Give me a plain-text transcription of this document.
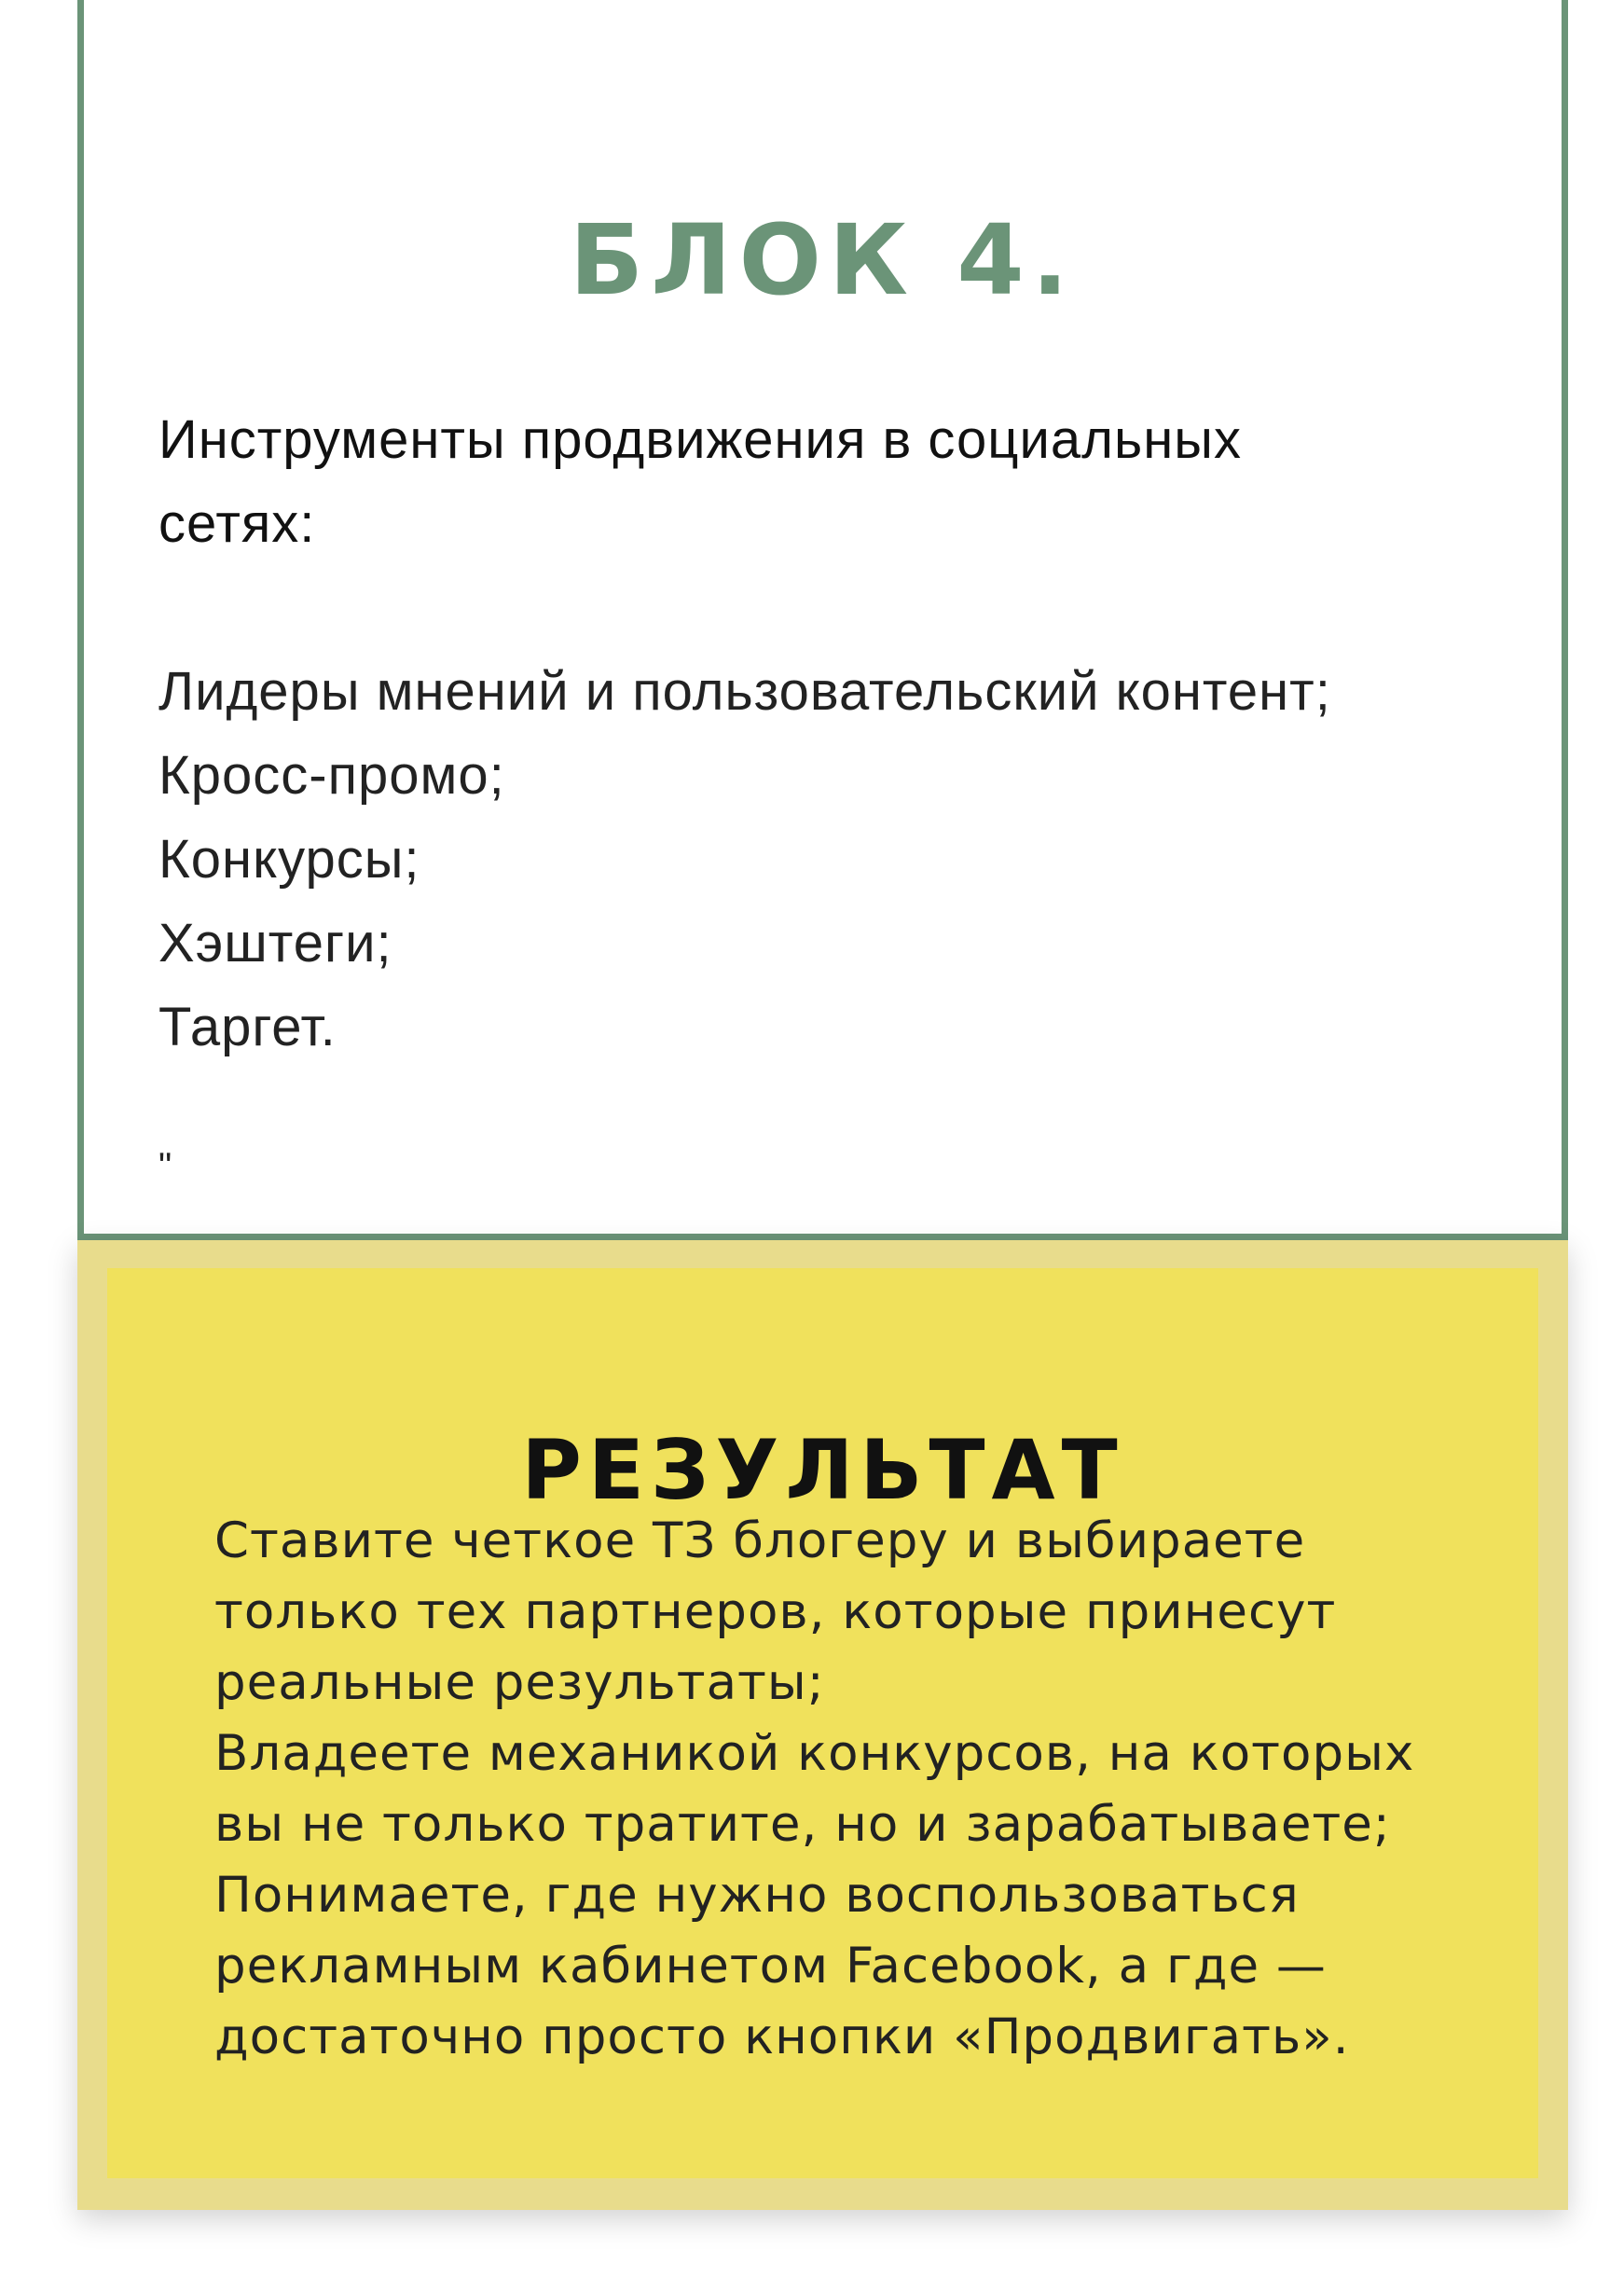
БЛОК 4.
Инструменты продвижения в социальных
сетях:
Лидеры мнений и пользовательский контент;
Кросс-промо;
Конкурсы;
Хэштеги;
Таргет.
"
РЕЗУЛЬТАТ

Ставите четкое ТЗ блогеру и выбираете

только тех партнеров, которые принесут

реальные результаты;

Владеете механикой конкурсов, на которых

вы не только тратите, но и зарабатываете;

Понимаете, где нужно воспользоваться

рекламным кабинетом Facebook, а где —

достаточно просто кнопки «Продвигать».
